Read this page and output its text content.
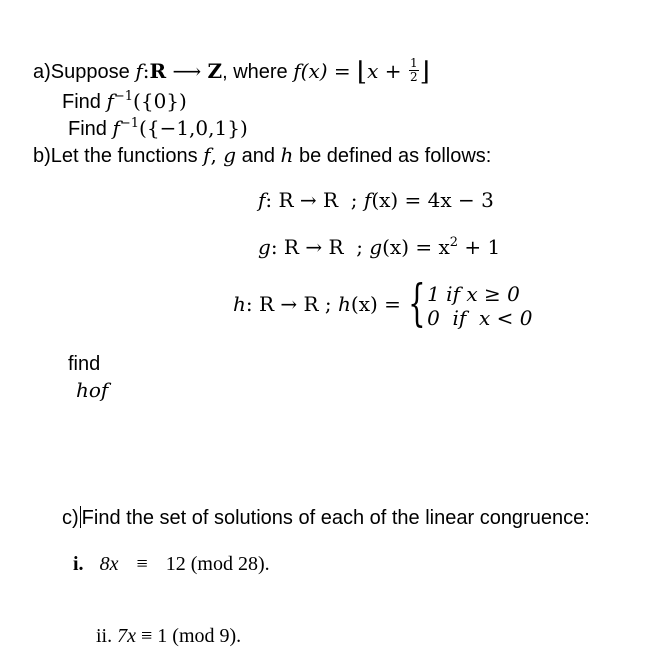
a)Suppose f:R ⟶ Z, where f(x) = ⌊x + $\frac{1}{2}$ ⌋
Find $f^{-1}(\{0\})$
Find $f^{-1}(\{-1,0,1\})$
b)Let the functions f, g and h be defined as follows:
f: R → R  ; f(x) = 4x − 3
g: R → R  ; $g(x) = x^2 + 1$
h: R → R ; h(x) = { 1 if x ≥ 0
0  if  x < 0
find
hof
c) Find the set of solutions of each of the linear congruence:
i. 8x ≡ 12 (mod 28).
ii. 7x ≡ 1 (mod 9).
